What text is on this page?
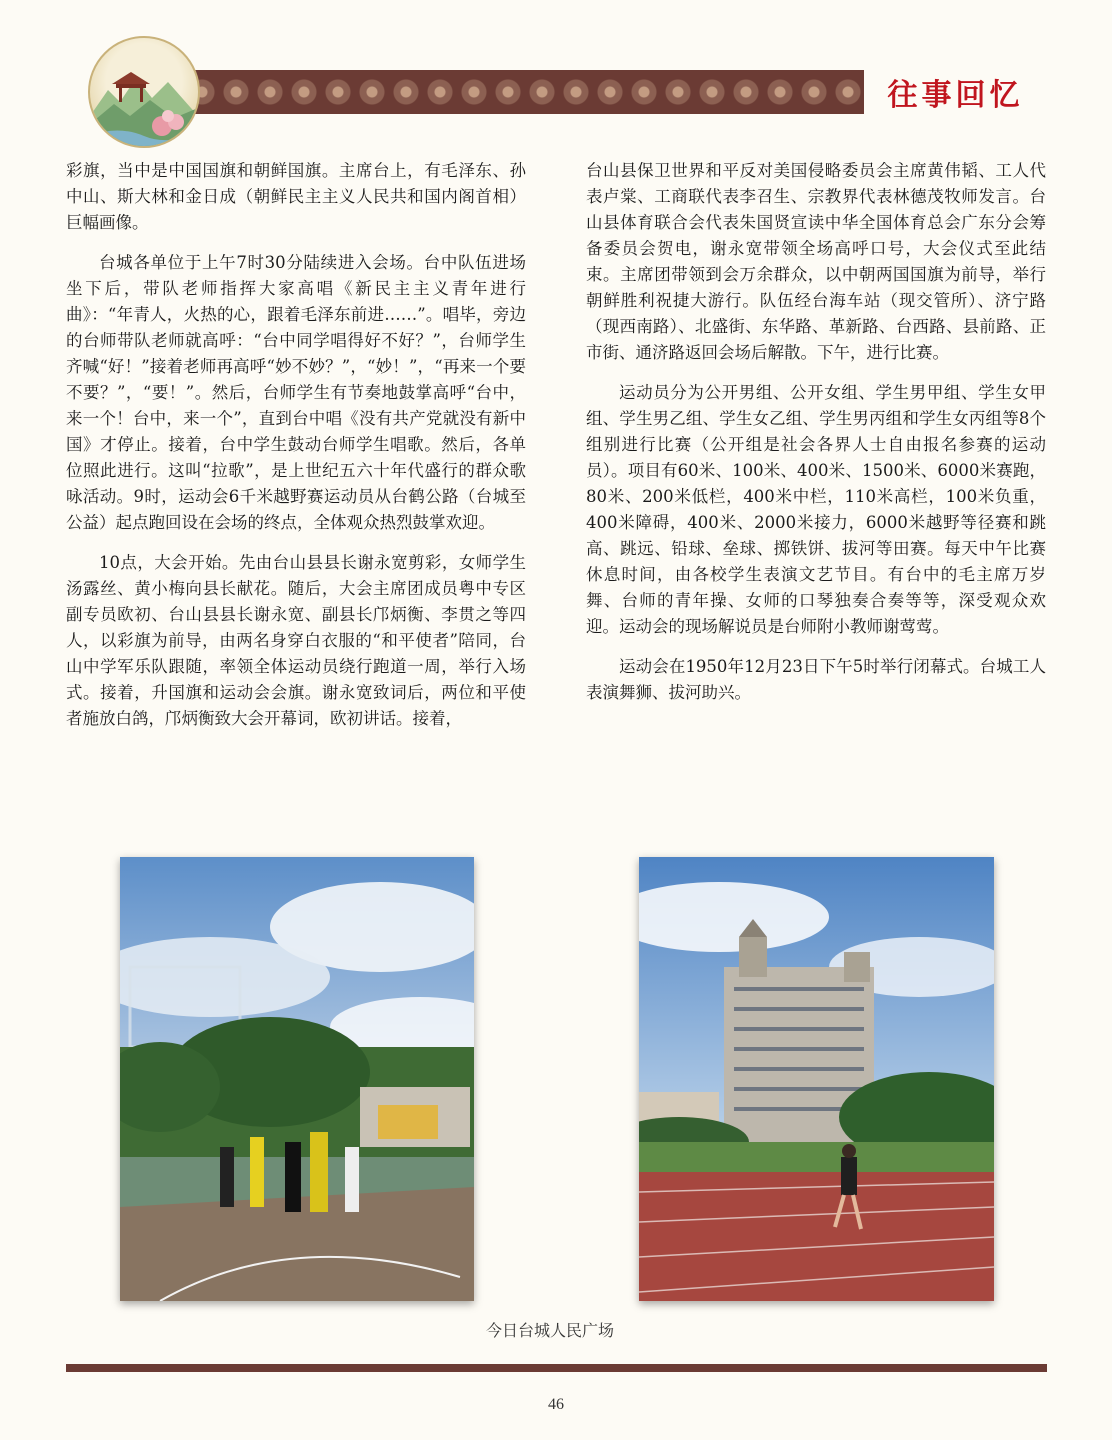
往事回忆

彩旗，当中是中国国旗和朝鲜国旗。主席台上，有毛泽东、孙中山、斯大林和金日成（朝鲜民主主义人民共和国内阁首相）巨幅画像。

台城各单位于上午7时30分陆续进入会场。台中队伍进场坐下后，带队老师指挥大家高唱《新民主主义青年进行曲》：“年青人，火热的心，跟着毛泽东前进……”。唱毕，旁边的台师带队老师就高呼：“台中同学唱得好不好？”，台师学生齐喊“好！”接着老师再高呼“妙不妙？”，“妙！”，“再来一个要不要？”，“要！”。然后，台师学生有节奏地鼓掌高呼“台中，来一个！台中，来一个”，直到台中唱《没有共产党就没有新中国》才停止。接着，台中学生鼓动台师学生唱歌。然后，各单位照此进行。这叫“拉歌”，是上世纪五六十年代盛行的群众歌咏活动。9时，运动会6千米越野赛运动员从台鹤公路（台城至公益）起点跑回设在会场的终点，全体观众热烈鼓掌欢迎。

10点，大会开始。先由台山县县长谢永宽剪彩，女师学生汤露丝、黄小梅向县长献花。随后，大会主席团成员粤中专区副专员欧初、台山县县长谢永宽、副县长邝炳衡、李贯之等四人，以彩旗为前导，由两名身穿白衣服的“和平使者”陪同，台山中学军乐队跟随，率领全体运动员绕行跑道一周，举行入场式。接着，升国旗和运动会会旗。谢永宽致词后，两位和平使者施放白鸽，邝炳衡致大会开幕词，欧初讲话。接着，

台山县保卫世界和平反对美国侵略委员会主席黄伟韬、工人代表卢棠、工商联代表李召生、宗教界代表林德茂牧师发言。台山县体育联合会代表朱国贤宣读中华全国体育总会广东分会筹备委员会贺电，谢永宽带领全场高呼口号，大会仪式至此结束。主席团带领到会万余群众，以中朝两国国旗为前导，举行朝鲜胜利祝捷大游行。队伍经台海车站（现交管所）、济宁路（现西南路）、北盛街、东华路、革新路、台西路、县前路、正市街、通济路返回会场后解散。下午，进行比赛。

运动员分为公开男组、公开女组、学生男甲组、学生女甲组、学生男乙组、学生女乙组、学生男丙组和学生女丙组等8个组别进行比赛（公开组是社会各界人士自由报名参赛的运动员）。项目有60米、100米、400米、1500米、6000米赛跑，80米、200米低栏，400米中栏，110米高栏，100米负重，400米障碍，400米、2000米接力，6000米越野等径赛和跳高、跳远、铅球、垒球、掷铁饼、拔河等田赛。每天中午比赛休息时间，由各校学生表演文艺节目。有台中的毛主席万岁舞、台师的青年操、女师的口琴独奏合奏等等，深受观众欢迎。运动会的现场解说员是台师附小教师谢莺莺。

运动会在1950年12月23日下午5时举行闭幕式。台城工人表演舞狮、拔河助兴。

今日台城人民广场
46
